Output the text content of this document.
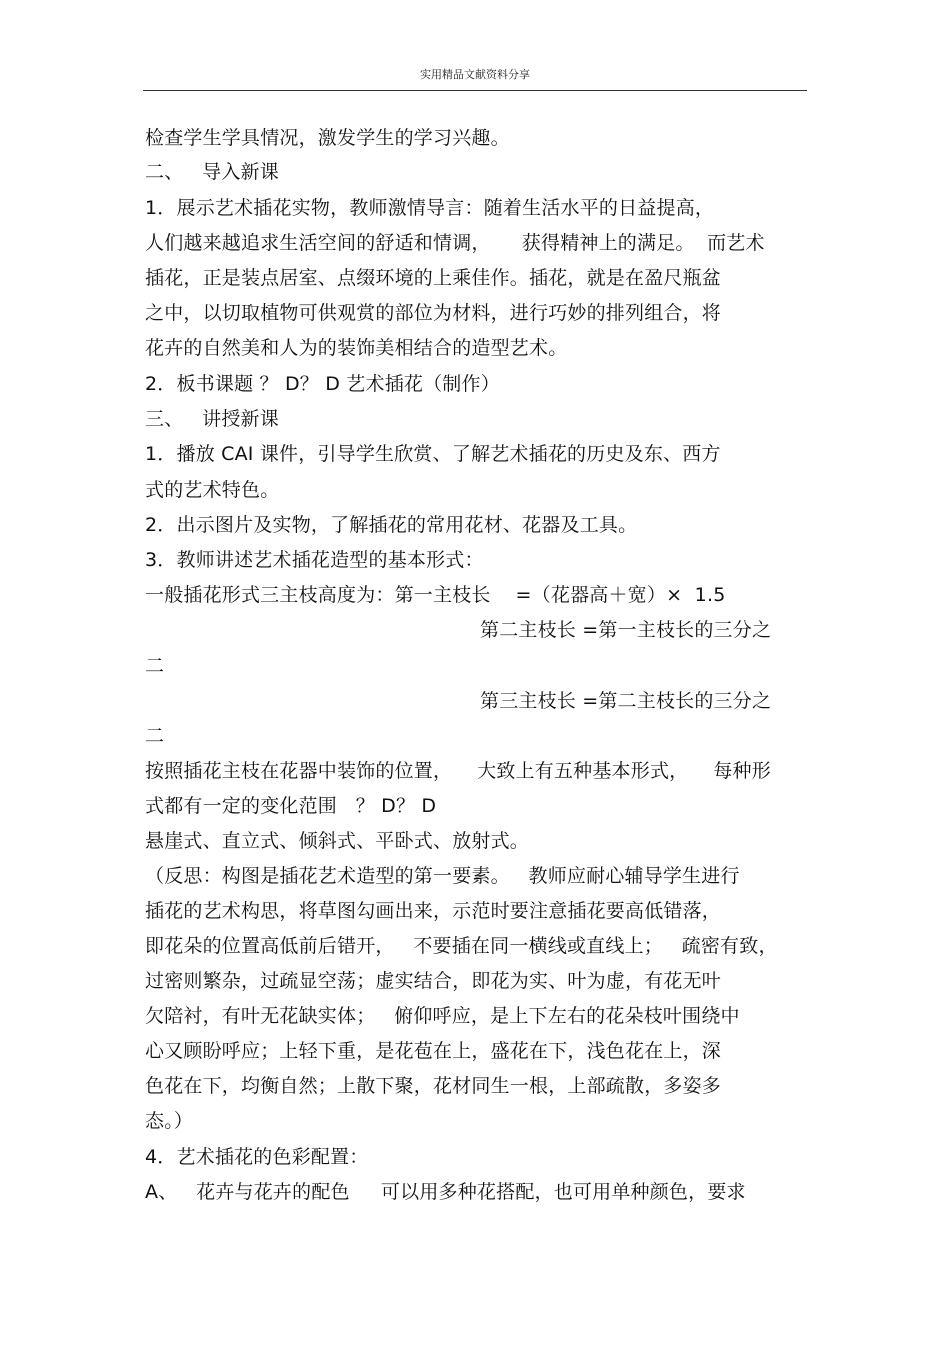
实用精品文献资料分享
检查学生学具情况，激发学生的学习兴趣。
二、   导入新课
1．展示艺术插花实物，教师激情导言：随着生活水平的日益提高，
人们越来越追求生活空间的舒适和情调，     获得精神上的满足。  而艺术
插花，正是装点居室、点缀环境的上乘佳作。插花，就是在盈尺瓶盆
之中，以切取植物可供观赏的部位为材料，进行巧妙的排列组合，将
花卉的自然美和人为的装饰美相结合的造型艺术。
2．板书课题 ？ D？ D 艺术插花（制作）
三、   讲授新课
1．播放 CAI 课件，引导学生欣赏、了解艺术插花的历史及东、西方
式的艺术特色。
2．出示图片及实物，了解插花的常用花材、花器及工具。
3．教师讲述艺术插花造型的基本形式：
一般插花形式三主枝高度为：第一主枝长    =（花器高＋宽）×  1.5
第二主枝长 =第一主枝长的三分之
二
第三主枝长 =第二主枝长的三分之
二
按照插花主枝在花器中装饰的位置，    大致上有五种基本形式，    每种形
式都有一定的变化范围   ？ D？ D
悬崖式、直立式、倾斜式、平卧式、放射式。
（反思：构图是插花艺术造型的第一要素。   教师应耐心辅导学生进行
插花的艺术构思，将草图勾画出来，示范时要注意插花要高低错落，
即花朵的位置高低前后错开，   不要插在同一横线或直线上；   疏密有致，
过密则繁杂，过疏显空荡；虚实结合，即花为实、叶为虚，有花无叶
欠陪衬，有叶无花缺实体；   俯仰呼应，是上下左右的花朵枝叶围绕中
心又顾盼呼应；上轻下重，是花苞在上，盛花在下，浅色花在上，深
色花在下，均衡自然；上散下聚，花材同生一根，上部疏散，多姿多
态。）
4．艺术插花的色彩配置：
A、   花卉与花卉的配色     可以用多种花搭配，也可用单种颜色，要求
